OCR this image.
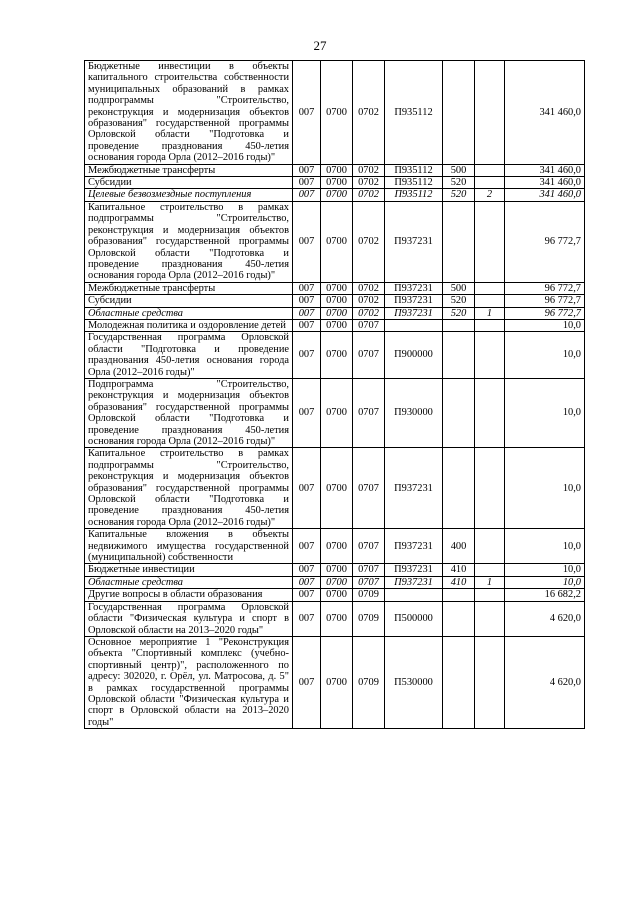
27
Бюджетные инвестиции в объекты капитального строительства собственности муниципальных образований в рамках подпрограммы "Строительство, реконструкция и модернизация объектов образования" государственной программы Орловской области "Подготовка и проведение празднования 450-летия основания города Орла (2012–2016 годы)"	007	0700	0702	П935112			341 460,0
Межбюджетные трансферты	007	0700	0702	П935112	500		341 460,0
Субсидии	007	0700	0702	П935112	520		341 460,0
Целевые безвозмездные поступления	007	0700	0702	П935112	520	2	341 460,0
Капитальное строительство в рамках подпрограммы "Строительство, реконструкция и модернизация объектов образования" государственной программы Орловской области "Подготовка и проведение празднования 450-летия основания города Орла (2012–2016 годы)"	007	0700	0702	П937231			96 772,7
Межбюджетные трансферты	007	0700	0702	П937231	500		96 772,7
Субсидии	007	0700	0702	П937231	520		96 772,7
Областные средства	007	0700	0702	П937231	520	1	96 772,7
Молодежная политика и оздоровление детей	007	0700	0707				10,0
Государственная программа Орловской области "Подготовка и проведение празднования 450-летия основания города Орла (2012–2016 годы)"	007	0700	0707	П900000			10,0
Подпрограмма "Строительство, реконструкция и модернизация объектов образования" государственной программы Орловской области "Подготовка и проведение празднования 450-летия основания города Орла (2012–2016 годы)"	007	0700	0707	П930000			10,0
Капитальное строительство в рамках подпрограммы "Строительство, реконструкция и модернизация объектов образования" государственной программы Орловской области "Подготовка и проведение празднования 450-летия основания города Орла (2012–2016 годы)"	007	0700	0707	П937231			10,0
Капитальные вложения в объекты недвижимого имущества государственной (муниципальной) собственности	007	0700	0707	П937231	400		10,0
Бюджетные инвестиции	007	0700	0707	П937231	410		10,0
Областные средства	007	0700	0707	П937231	410	1	10,0
Другие вопросы в области образования	007	0700	0709				16 682,2
Государственная программа Орловской области "Физическая культура и спорт в Орловской области на 2013–2020 годы"	007	0700	0709	П500000			4 620,0
Основное мероприятие 1 "Реконструкция объекта "Спортивный комплекс (учебно-спортивный центр)", расположенного по адресу: 302020, г. Орёл, ул. Матросова, д. 5" в рамках государственной программы Орловской области "Физическая культура и спорт в Орловской области на 2013–2020 годы"	007	0700	0709	П530000			4 620,0
